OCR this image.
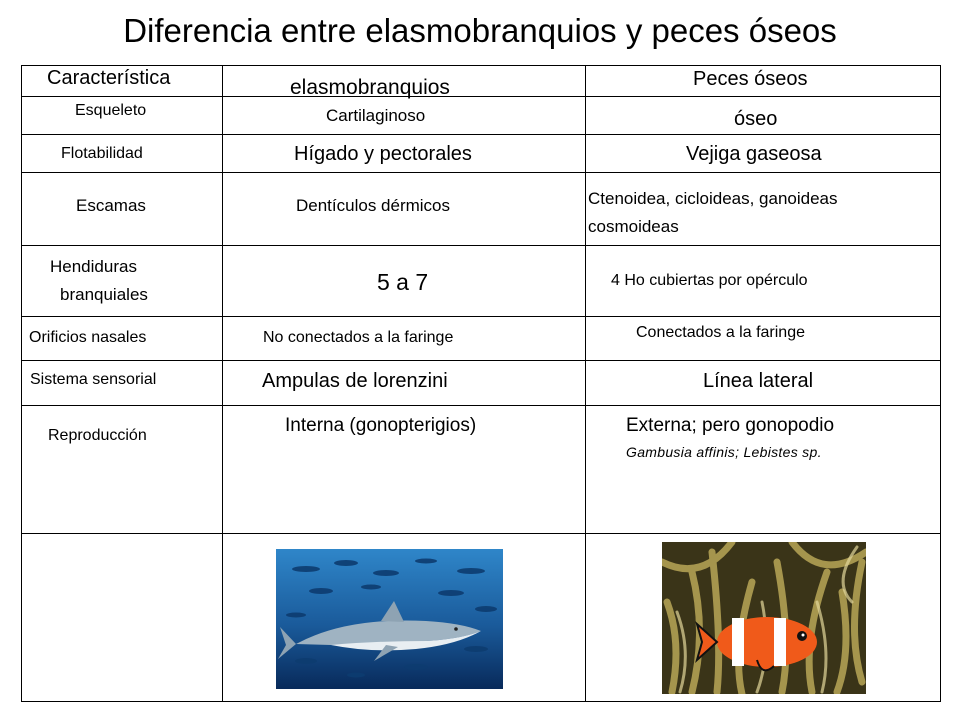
Diferencia entre elasmobranquios y peces óseos
Característica	elasmobranquios	Peces óseos
Esqueleto	Cartilaginoso	óseo
Flotabilidad	Hígado y pectorales	Vejiga gaseosa
Escamas	Dentículos dérmicos	Ctenoidea, cicloideas, ganoideas
cosmoideas
Hendiduras
branquiales	5 a 7	4 Ho cubiertas por opérculo
Orificios nasales	No conectados a la faringe	Conectados a la faringe
Sistema sensorial	Ampulas de lorenzini	Línea lateral
Reproducción	Interna (gonopterigios)	Externa; pero gonopodio
Gambusia affinis; Lebistes sp.
